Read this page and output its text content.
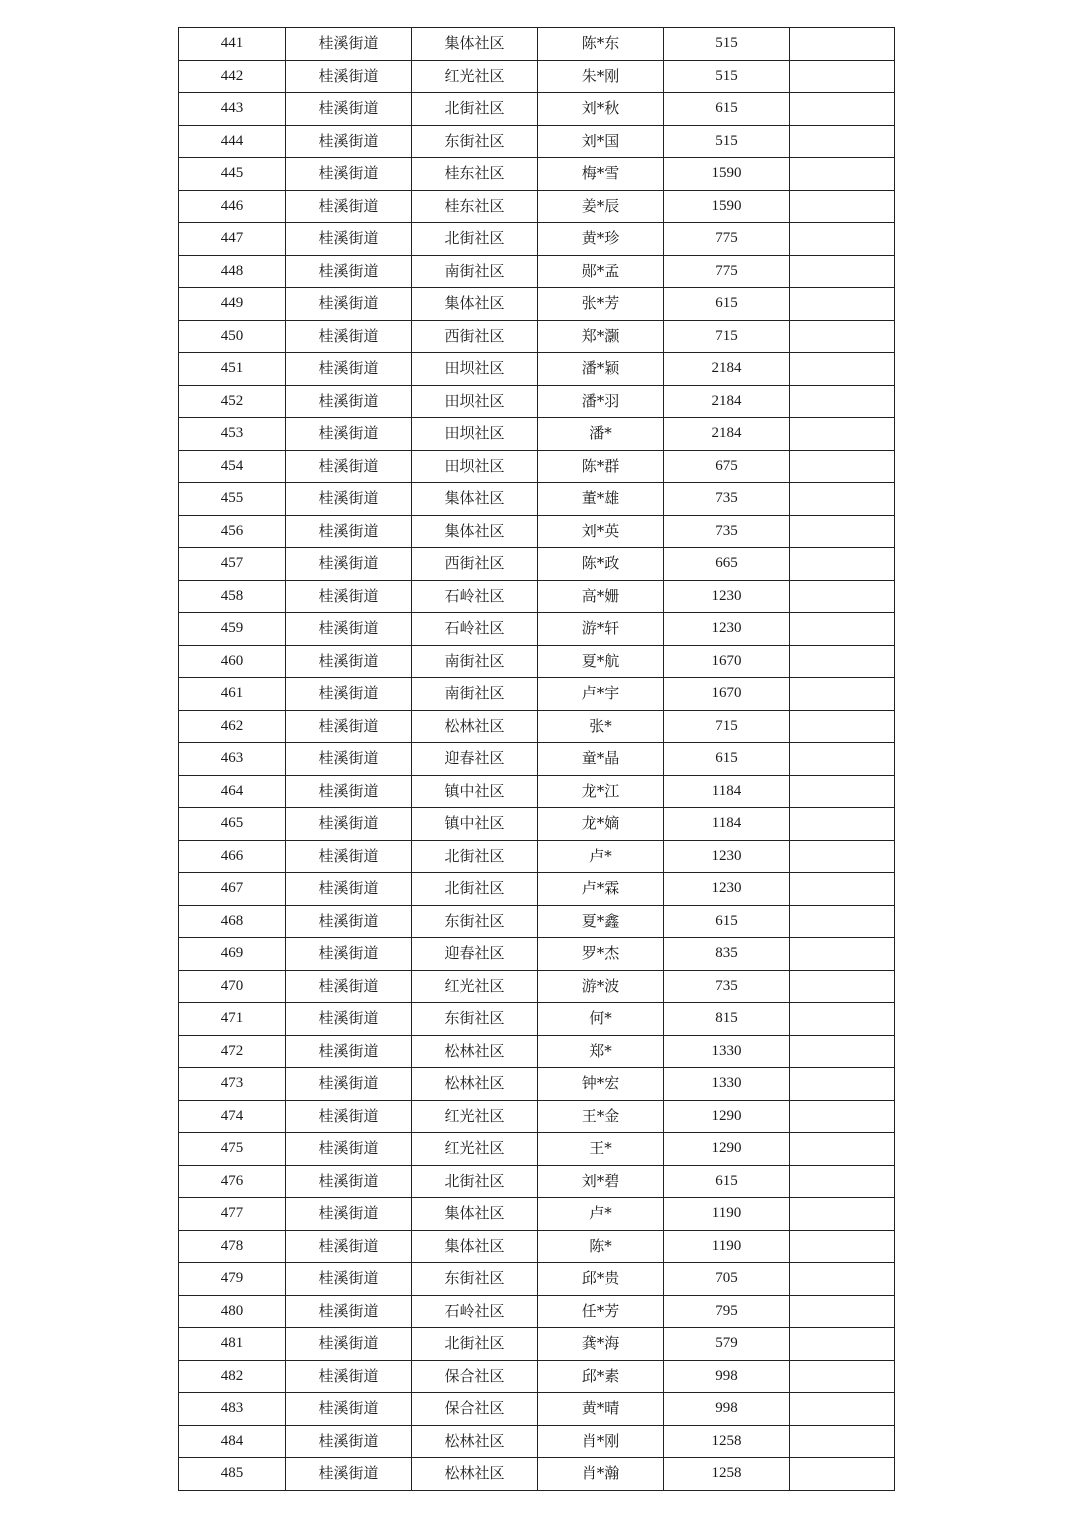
441	桂溪街道	集体社区	陈*东	515	
442	桂溪街道	红光社区	朱*刚	515	
443	桂溪街道	北街社区	刘*秋	615	
444	桂溪街道	东街社区	刘*国	515	
445	桂溪街道	桂东社区	梅*雪	1590	
446	桂溪街道	桂东社区	姜*辰	1590	
447	桂溪街道	北街社区	黄*珍	775	
448	桂溪街道	南街社区	郧*孟	775	
449	桂溪街道	集体社区	张*芳	615	
450	桂溪街道	西街社区	郑*灏	715	
451	桂溪街道	田坝社区	潘*颖	2184	
452	桂溪街道	田坝社区	潘*羽	2184	
453	桂溪街道	田坝社区	潘*	2184	
454	桂溪街道	田坝社区	陈*群	675	
455	桂溪街道	集体社区	董*雄	735	
456	桂溪街道	集体社区	刘*英	735	
457	桂溪街道	西街社区	陈*政	665	
458	桂溪街道	石岭社区	高*姗	1230	
459	桂溪街道	石岭社区	游*轩	1230	
460	桂溪街道	南街社区	夏*航	1670	
461	桂溪街道	南街社区	卢*宇	1670	
462	桂溪街道	松林社区	张*	715	
463	桂溪街道	迎春社区	童*晶	615	
464	桂溪街道	镇中社区	龙*江	1184	
465	桂溪街道	镇中社区	龙*嫡	1184	
466	桂溪街道	北街社区	卢*	1230	
467	桂溪街道	北街社区	卢*霖	1230	
468	桂溪街道	东街社区	夏*鑫	615	
469	桂溪街道	迎春社区	罗*杰	835	
470	桂溪街道	红光社区	游*波	735	
471	桂溪街道	东街社区	何*	815	
472	桂溪街道	松林社区	郑*	1330	
473	桂溪街道	松林社区	钟*宏	1330	
474	桂溪街道	红光社区	王*金	1290	
475	桂溪街道	红光社区	王*	1290	
476	桂溪街道	北街社区	刘*碧	615	
477	桂溪街道	集体社区	卢*	1190	
478	桂溪街道	集体社区	陈*	1190	
479	桂溪街道	东街社区	邱*贵	705	
480	桂溪街道	石岭社区	任*芳	795	
481	桂溪街道	北街社区	龚*海	579	
482	桂溪街道	保合社区	邱*素	998	
483	桂溪街道	保合社区	黄*晴	998	
484	桂溪街道	松林社区	肖*刚	1258	
485	桂溪街道	松林社区	肖*瀚	1258	
